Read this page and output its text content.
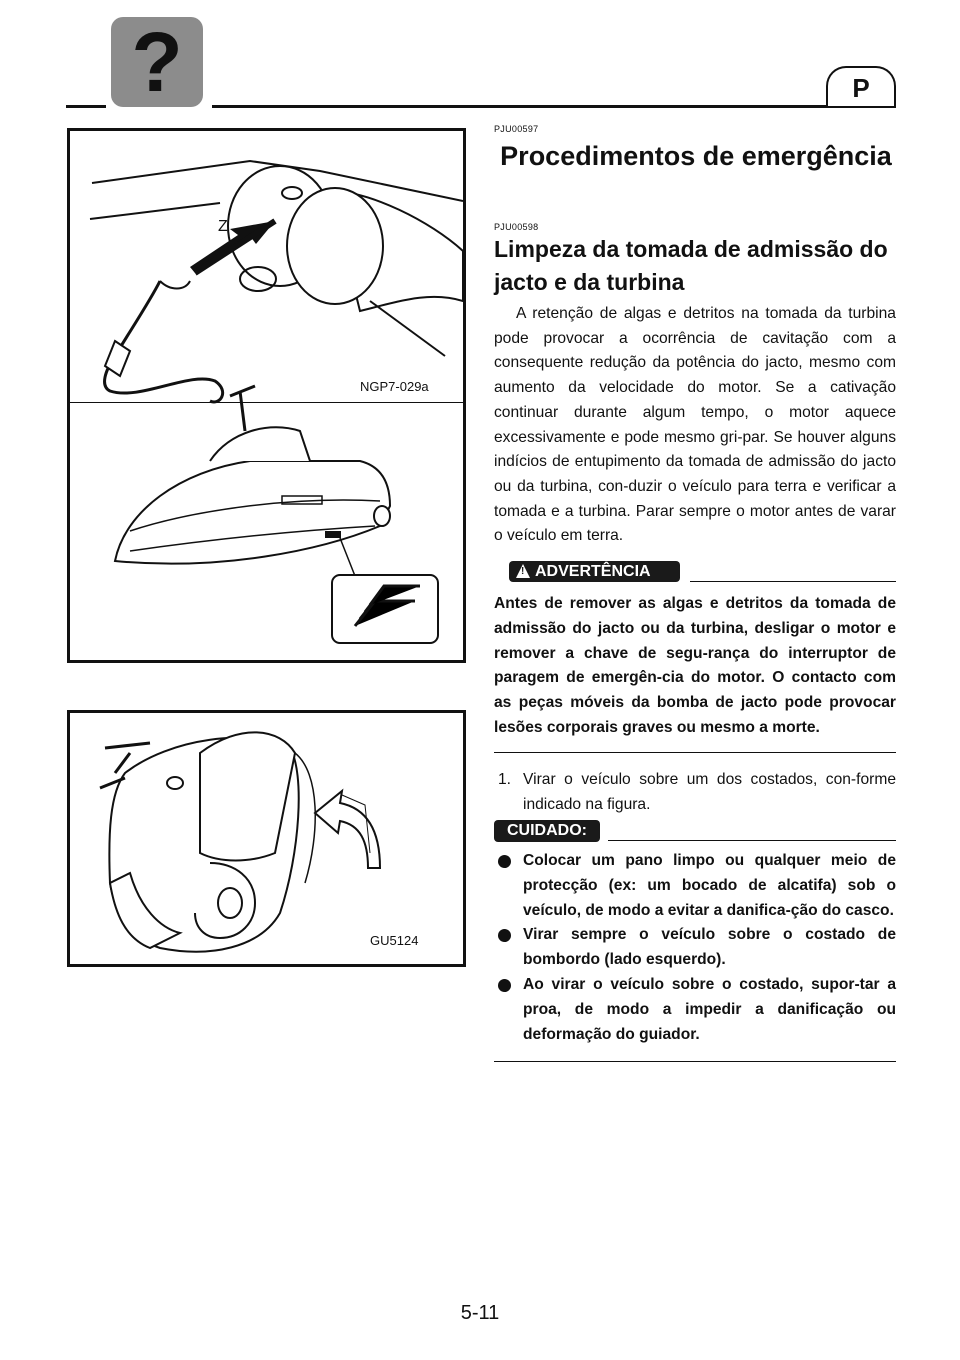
?	P
Z
NGP7-029a
GU5124
PJU00597
Procedimentos de emergência
PJU00598
Limpeza da tomada de admissão do jacto e da turbina
A retenção de algas e detritos na tomada da turbina pode provocar a ocorrência de cavitação com a consequente redução da potência do jacto, mesmo com aumento da velocidade do motor. Se a cativação continuar durante algum tempo, o motor aquece excessivamente e pode mesmo gri-par. Se houver alguns indícios de entupimento da tomada de admissão do jacto ou da turbina, con-duzir o veículo para terra e verificar a tomada e a turbina. Parar sempre o motor antes de varar o veículo em terra.
!
ADVERTÊNCIA
Antes de remover as algas e detritos da tomada de admissão do jacto ou da turbina, desligar o motor e remover a chave de segu-rança do interruptor de paragem de emergên-cia do motor. O contacto com as peças móveis da bomba de jacto pode provocar lesões corporais graves ou mesmo a morte.
1. Virar o veículo sobre um dos costados, con-forme indicado na figura.
CUIDADO:
Colocar um pano limpo ou qualquer meio de protecção (ex: um bocado de alcatifa) sob o veículo, de modo a evitar a danifica-ção do casco.
Virar sempre o veículo sobre o costado de bombordo (lado esquerdo).
Ao virar o veículo sobre o costado, supor-tar a proa, de modo a impedir a danificação ou deformação do guiador.
5-11
